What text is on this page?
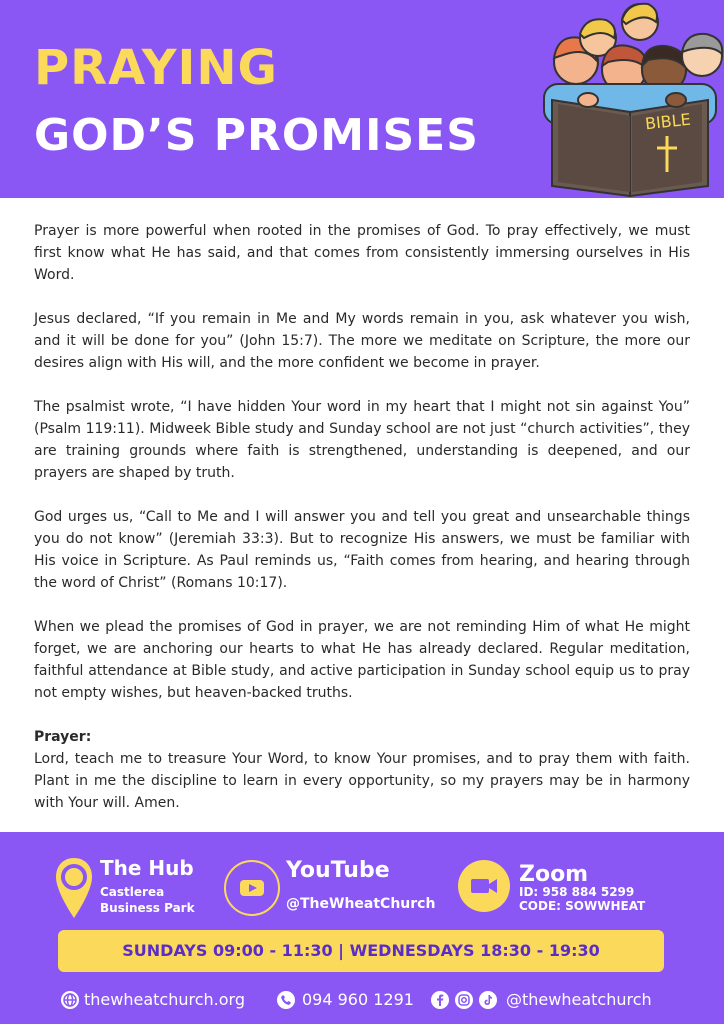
PRAYING
GOD’S PROMISES	BIBLE

Prayer is more powerful when rooted in the promises of God. To pray effectively, we must first know what He has said, and that comes from consistently immersing ourselves in His Word.

Jesus declared, “If you remain in Me and My words remain in you, ask whatever you wish, and it will be done for you” (John 15:7). The more we meditate on Scripture, the more our desires align with His will, and the more confident we become in prayer.

The psalmist wrote, “I have hidden Your word in my heart that I might not sin against You” (Psalm 119:11). Midweek Bible study and Sunday school are not just “church activities”, they are training grounds where faith is strengthened, understanding is deepened, and our prayers are shaped by truth.

God urges us, “Call to Me and I will answer you and tell you great and unsearchable things you do not know” (Jeremiah 33:3). But to recognize His answers, we must be familiar with His voice in Scripture. As Paul reminds us, “Faith comes from hearing, and hearing through the word of Christ” (Romans 10:17).

When we plead the promises of God in prayer, we are not reminding Him of what He might forget, we are anchoring our hearts to what He has already declared. Regular meditation, faithful attendance at Bible study, and active participation in Sunday school equip us to pray not empty wishes, but heaven-backed truths.

Prayer:
Lord, teach me to treasure Your Word, to know Your promises, and to pray them with faith. Plant in me the discipline to learn in every opportunity, so my prayers may be in harmony with Your will. Amen.
The Hub
Castlerea
Business Park
YouTube
@TheWheatChurch
Zoom
ID: 958 884 5299
CODE: SOWWHEAT
SUNDAYS 09:00 - 11:30 | WEDNESDAYS 18:30 - 19:30
thewheatchurch.org	094 960 1291	@thewheatchurch
